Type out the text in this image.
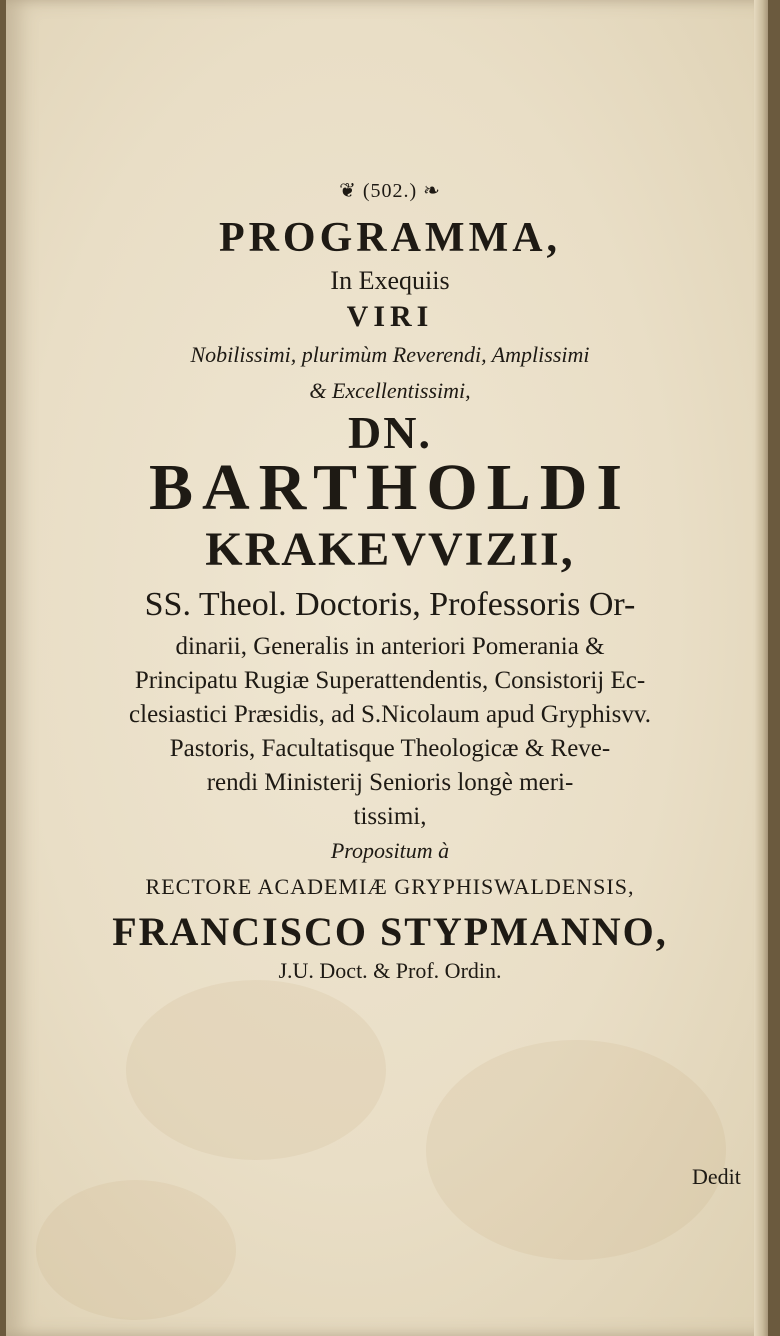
❦ (502.) ❧
PROGRAMMA,
In Exequiis
VIRI
Nobilissimi, plurimùm Reverendi, Amplissimi
& Excellentissimi,
DN.
BARTHOLDI
KRAKEVVIZII,
SS. Theol. Doctoris, Professoris Or-
dinarii, Generalis in anteriori Pomerania &
Principatu Rugiæ Superattendentis, Consistorij Ec-
clesiastici Præsidis, ad S.Nicolaum apud Gryphisvv.
Pastoris, Facultatisque Theologicæ & Reve-
rendi Ministerij Senioris longè meri-
tissimi,
Propositum à
RECTORE ACADEMIÆ GRYPHISWALDENSIS,
FRANCISCO STYPMANNO,
J.U. Doct. & Prof. Ordin.
Dedit
